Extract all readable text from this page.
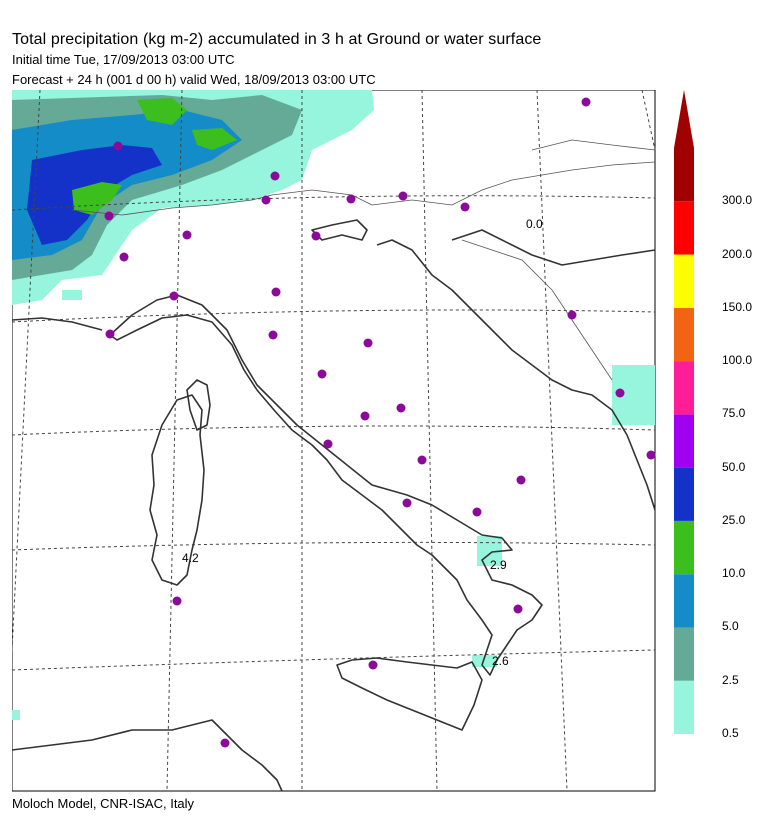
Total precipitation (kg m-2) accumulated in 3 h at Ground or water surface
Initial time Tue, 17/09/2013 03:00 UTC
Forecast + 24 h (001 d 00 h) valid Wed, 18/09/2013 03:00 UTC
0.0
4.2	2.9
2.6
0.5
2.5
5.0
10.0
25.0
50.0
75.0
100.0
150.0
200.0
300.0
Moloch Model, CNR-ISAC, Italy
